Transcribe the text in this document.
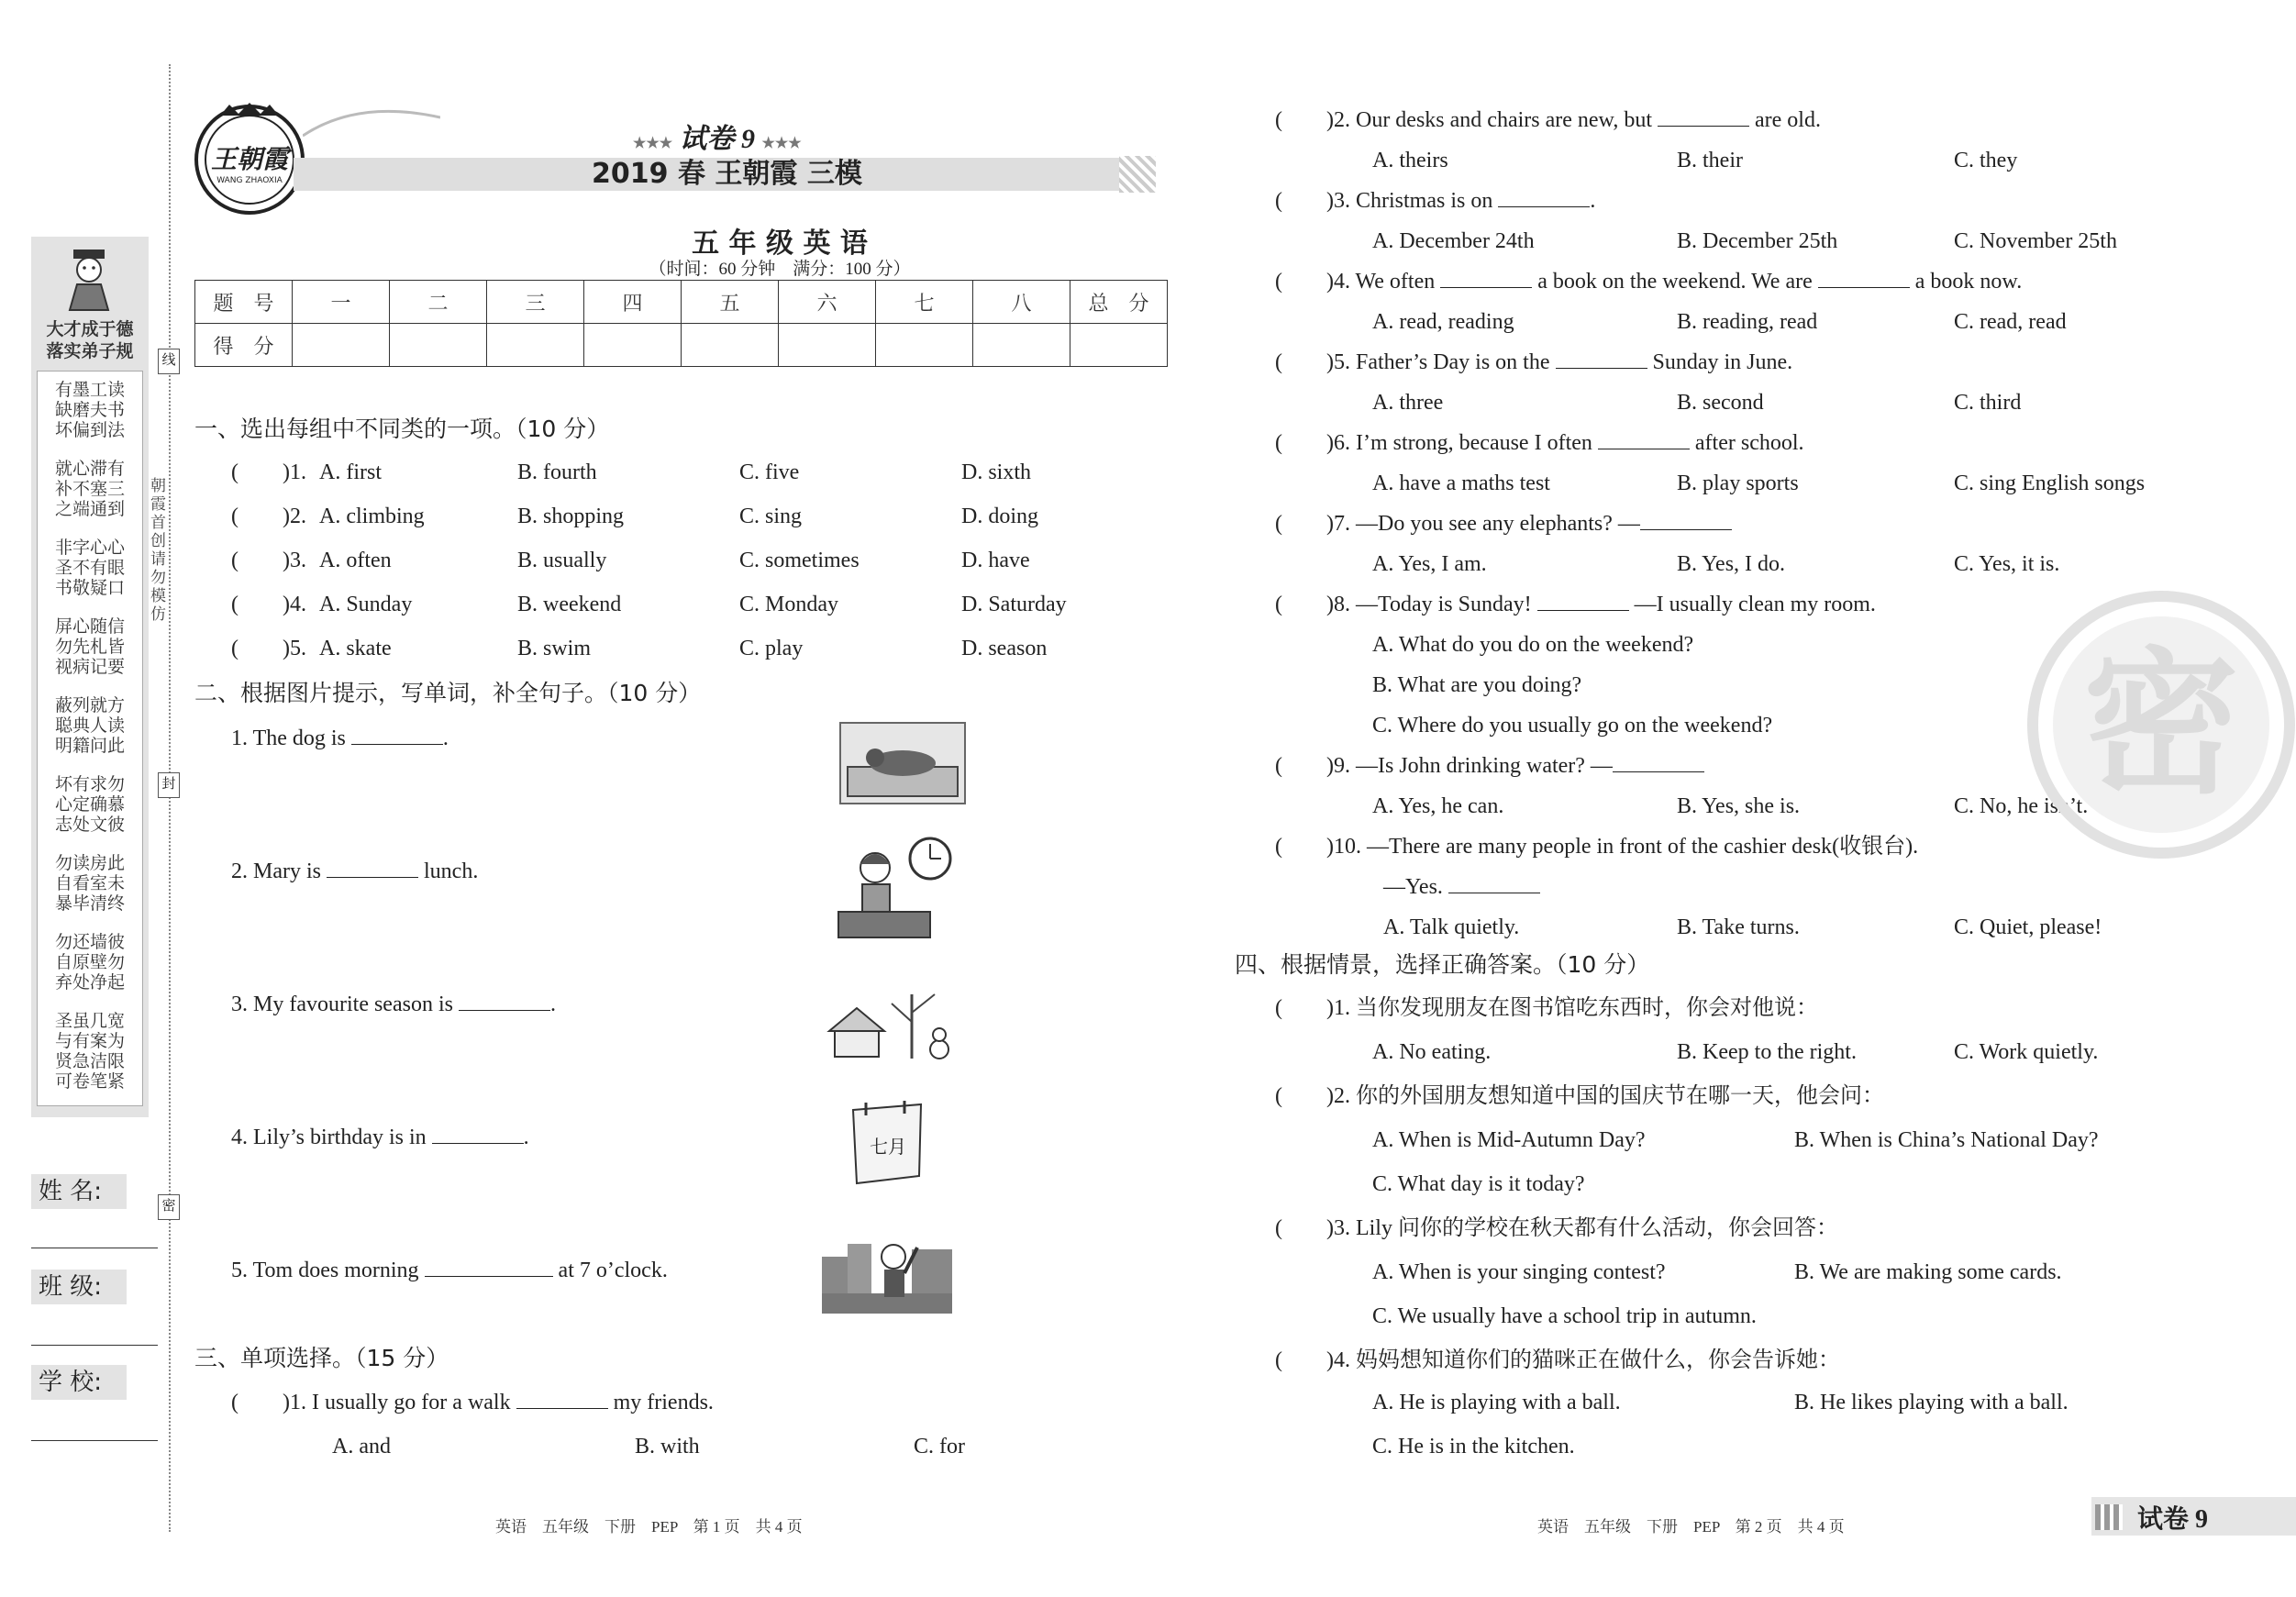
大才成于德
落实弟子规
有墨工读
缺磨夫书
坏偏到法
就心滞有
补不塞三
之端通到
非字心心
圣不有眼
书敬疑口
屏心随信
勿先札皆
视病记要
蔽列就方
聪典人读
明籍问此
坏有求勿
心定确慕
志处文彼
勿读房此
自看室未
暴毕清终
勿还墙彼
自原壁勿
弃处净起
圣虽几宽
与有案为
贤急洁限
可卷笔紧
姓 名:
班 级:
学 校:
朝霞首创 请勿模仿
线
封
密
王朝霞
WANG ZHAOXIA
★★★ 试卷 9 ★★★
2019 春 王朝霞 三模
五 年 级 英 语
（时间：60 分钟　满分：100 分）
题　号	一	二	三	四	五	六	七	八	总　分
得　分									
一、选出每组中不同类的一项。（10 分）
(　　)1. A. first	B. fourth	C. five	D. sixth
(　　)2. A. climbing	B. shopping	C. sing	D. doing
(　　)3. A. often	B. usually	C. sometimes	D. have
(　　)4. A. Sunday	B. weekend	C. Monday	D. Saturday
(　　)5. A. skate	B. swim	C. play	D. season
二、根据图片提示，写单词，补全句子。（10 分）
1. The dog is	.
2. Mary is	lunch.
3. My favourite season is	.
4. Lily’s birthday is in	.
5. Tom does morning	at 7 o’clock.
七月
三、单项选择。（15 分）
(　　)1. I usually go for a walk	my friends.
A. and	B. with	C. for
英语　五年级　下册　PEP　第 1 页　共 4 页
(　　)2. Our desks and chairs are new, but	are old.
A. theirs	B. their	C. they
(　　)3. Christmas is on	.
A. December 24th	B. December 25th	C. November 25th
(　　)4. We often	a book on the weekend. We are	a book now.
A. read, reading	B. reading, read	C. read, read
(　　)5. Father’s Day is on the	Sunday in June.
A. three	B. second	C. third
(　　)6. I’m strong, because I often	after school.
A. have a maths test	B. play sports	C. sing English songs
(　　)7. —Do you see any elephants? —
A. Yes, I am.	B. Yes, I do.	C. Yes, it is.
(　　)8. —Today is Sunday!	—I usually clean my room.
A. What do you do on the weekend?
B. What are you doing?
C. Where do you usually go on the weekend?
(　　)9. —Is John drinking water? —
A. Yes, he can.	B. Yes, she is.	C. No, he isn’t.
(　　)10. —There are many people in front of the cashier desk(收银台).
—Yes.
A. Talk quietly.	B. Take turns.	C. Quiet, please!
四、根据情景，选择正确答案。（10 分）
(　　)1. 当你发现朋友在图书馆吃东西时，你会对他说：
A. No eating.	B. Keep to the right.	C. Work quietly.
(　　)2. 你的外国朋友想知道中国的国庆节在哪一天，他会问：
A. When is Mid-Autumn Day?	B. When is China’s National Day?
C. What day is it today?
(　　)3. Lily 问你的学校在秋天都有什么活动，你会回答：
A. When is your singing contest?	B. We are making some cards.
C. We usually have a school trip in autumn.
(　　)4. 妈妈想知道你们的猫咪正在做什么，你会告诉她：
A. He is playing with a ball.	B. He likes playing with a ball.
C. He is in the kitchen.
密
英语　五年级　下册　PEP　第 2 页　共 4 页	试卷 9
